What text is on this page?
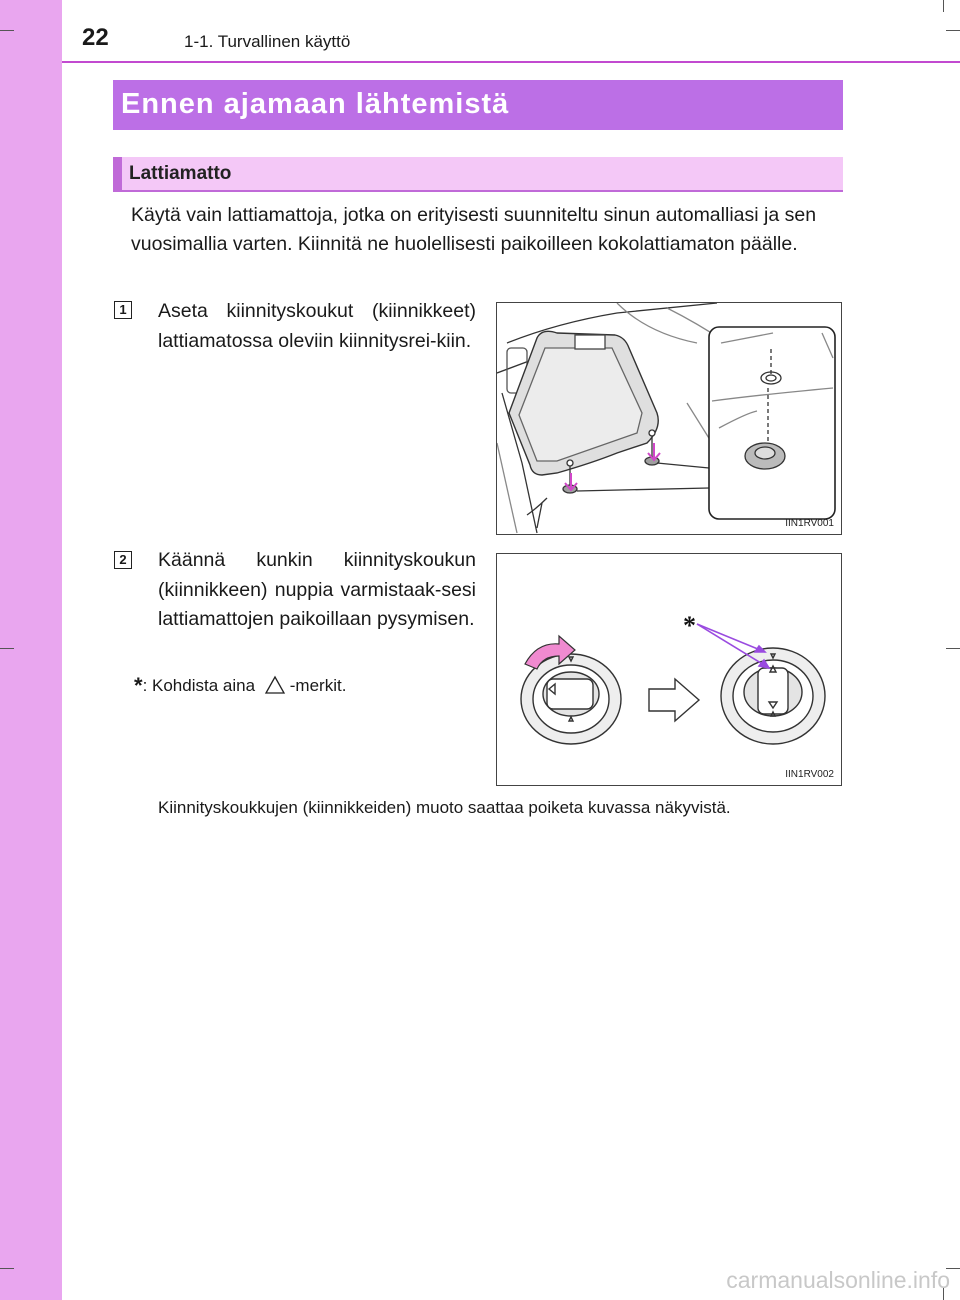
22	1-1. Turvallinen käyttö
Ennen ajamaan lähtemistä
Lattiamatto
Käytä vain lattiamattoja, jotka on erityisesti suunniteltu sinun automalliasi ja sen vuosimallia varten. Kiinnitä ne huolellisesti paikoilleen kokolattiamaton päälle.
1 Aseta kiinnityskoukut (kiinnikkeet) lattiamatossa oleviin kiinnitysrei-kiin.
IIN1RV001
2 Käännä kunkin kiinnityskoukun (kiinnikkeen) nuppia varmistaak-sesi lattiamattojen paikoillaan pysymisen.	*
IIN1RV002
*: Kohdista aina -merkit.
Kiinnityskoukkujen (kiinnikkeiden) muoto saattaa poiketa kuvassa näkyvistä.
carmanualsonline.info
